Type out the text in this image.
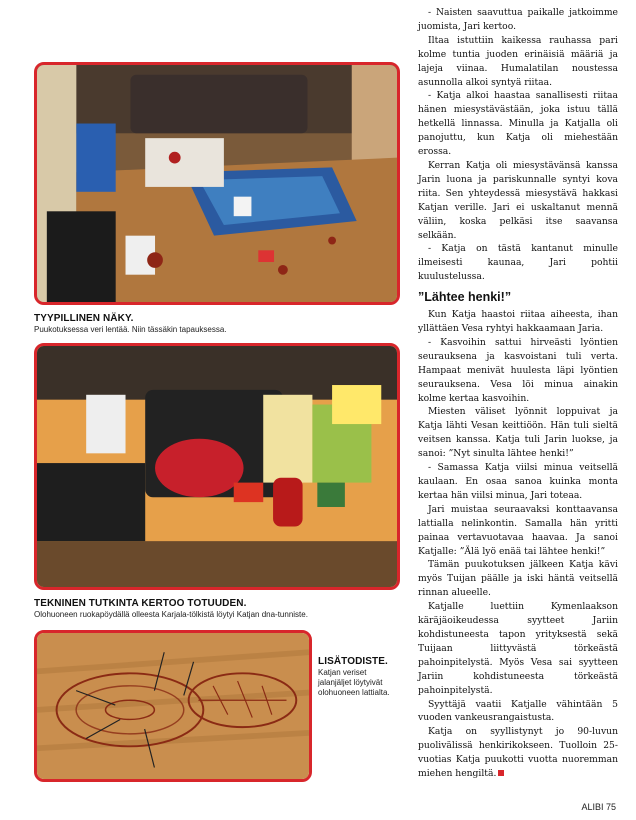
TYYPILLINEN NÄKY.
Puukotuksessa veri lentää. Niin tässäkin tapauksessa.
TEKNINEN TUTKINTA KERTOO TOTUUDEN.
Olohuoneen ruokapöydällä olleesta Karjala-tölkistä löytyi Katjan dna-tunniste.
LISÄTODISTE.
Katjan veriset jalanjäljet löytyivät olohuoneen lattialta.

- Naisten saavuttua paikalle jatkoimme juomista, Jari kertoo.

Iltaa istuttiin kaikessa rauhassa pari kolme tuntia juoden erinäisiä määriä ja lajeja viinaa. Humalatilan noustessa asunnolla alkoi syntyä riitaa.

- Katja alkoi haastaa sanallisesti riitaa hänen miesystävästään, joka istuu tällä hetkellä linnassa. Minulla ja Katjalla oli panojuttu, kun Katja oli miehestään erossa.

Kerran Katja oli miesystävänsä kanssa Jarin luona ja pariskunnalle syntyi kova riita. Sen yhteydessä miesystävä hakkasi Katjan verille. Jari ei uskaltanut mennä väliin, koska pelkäsi itse saavansa selkään.

- Katja on tästä kantanut minulle ilmeisesti kaunaa, Jari pohtii kuulustelussa.

”Lähtee henki!”

Kun Katja haastoi riitaa aiheesta, ihan yllättäen Vesa ryhtyi hakkaamaan Jaria.

- Kasvoihin sattui hirveästi lyöntien seurauksena ja kasvoistani tuli verta. Hampaat menivät huulesta läpi lyöntien seurauksena. Vesa löi minua ainakin kolme kertaa kasvoihin.

Miesten väliset lyönnit loppuivat ja Katja lähti Vesan keittiöön. Hän tuli sieltä veitsen kanssa. Katja tuli Jarin luokse, ja sanoi: ”Nyt sinulta lähtee henki!”

- Samassa Katja viilsi minua veitsellä kaulaan. En osaa sanoa kuinka monta kertaa hän viilsi minua, Jari toteaa.

Jari muistaa seuraavaksi konttaavansa lattialla nelinkontin. Samalla hän yritti painaa vertavuotavaa haavaa. Ja sanoi Katjalle: ”Älä lyö enää tai lähtee henki!”

Tämän puukotuksen jälkeen Katja kävi myös Tuijan päälle ja iski häntä veitsellä rinnan alueelle.

Katjalle luettiin Kymenlaakson käräjäoikeudessa syytteet Jariin kohdistuneesta tapon yrityksestä sekä Tuijaan liittyvästä törkeästä pahoinpitelystä. Myös Vesa sai syytteen Jariin kohdistuneesta törkeästä pahoinpitelystä.

Syyttäjä vaatii Katjalle vähintään 5 vuoden vankeusrangaistusta.

Katja on syyllistynyt jo 90-luvun puolivälissä henkirikokseen. Tuolloin 25-vuotias Katja puukotti vuotta nuoremman miehen hengiltä.

ALIBI 75
